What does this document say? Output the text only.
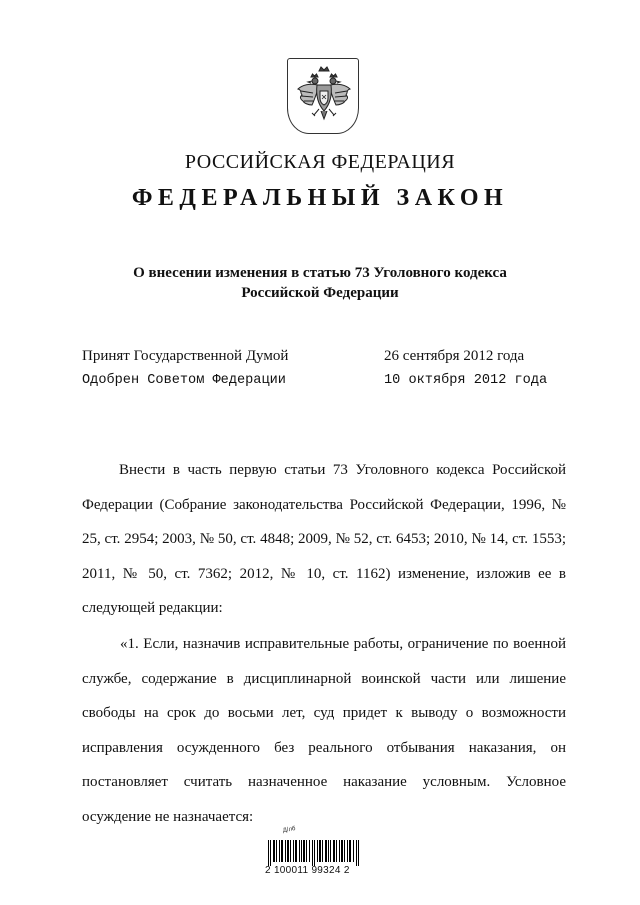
РОССИЙСКАЯ ФЕДЕРАЦИЯ
ФЕДЕРАЛЬНЫЙ ЗАКОН
О внесении изменения в статью 73 Уголовного кодекса
Российской Федерации
Принят Государственной Думой	26 сентября 2012 года
Одобрен Советом Федерации	10 октября 2012 года

Внести в часть первую статьи 73 Уголовного кодекса Российской Федерации (Собрание законодательства Российской Федерации, 1996, № 25, ст. 2954; 2003, № 50, ст. 4848; 2009, № 52, ст. 6453; 2010, № 14, ст. 1553; 2011, № 50, ст. 7362; 2012, № 10, ст. 1162) изменение, изложив ее в следующей редакции:

«1. Если, назначив исправительные работы, ограничение по военной службе, содержание в дисциплинарной воинской части или лишение свободы на срок до восьми лет, суд придет к выводу о возможности исправления осужденного без реального отбывания наказания, он постановляет считать назначенное наказание условным. Условное осуждение не назначается:

Д/лб
2 100011 99324 2
